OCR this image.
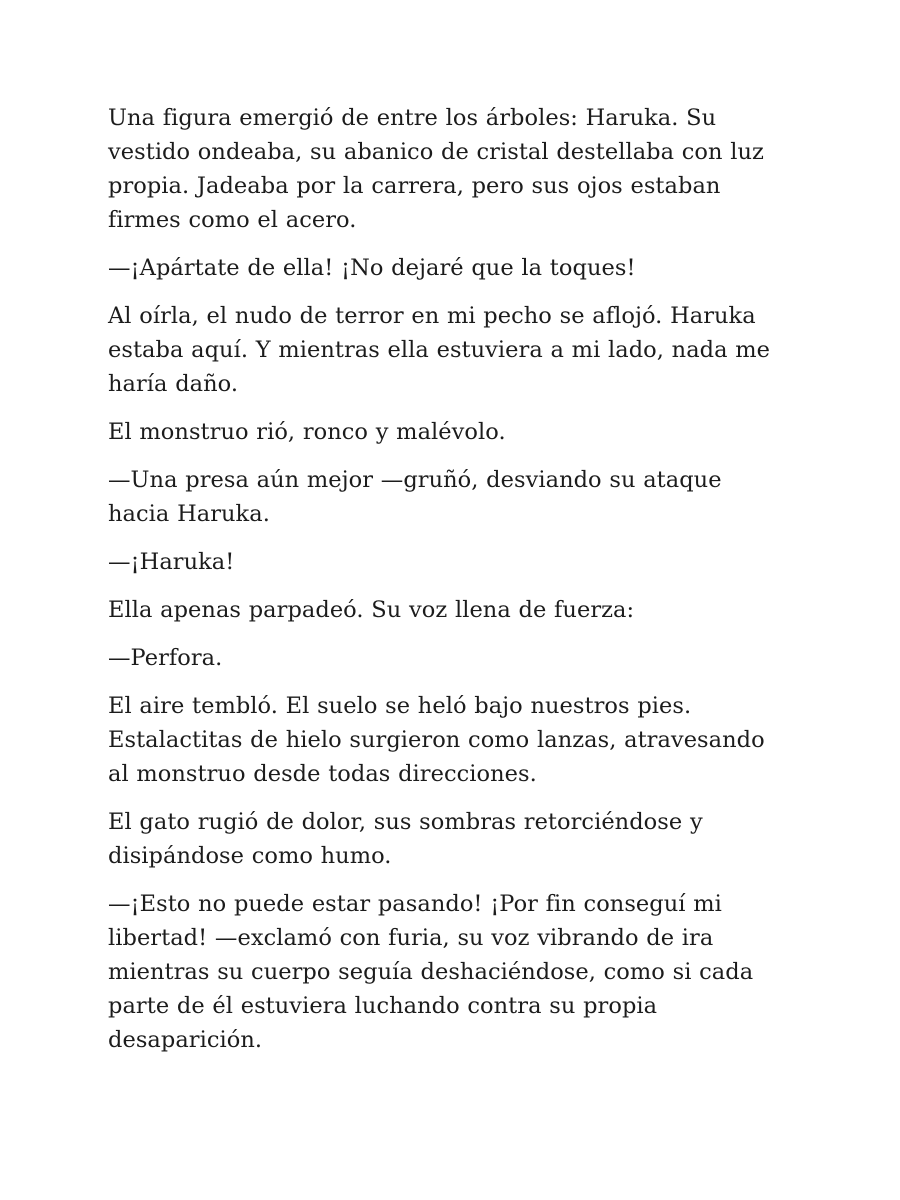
Una figura emergió de entre los árboles: Haruka. Su vestido ondeaba, su abanico de cristal destellaba con luz propia. Jadeaba por la carrera, pero sus ojos estaban firmes como el acero.

—¡Apártate de ella! ¡No dejaré que la toques!

Al oírla, el nudo de terror en mi pecho se aflojó. Haruka estaba aquí. Y mientras ella estuviera a mi lado, nada me haría daño.

El monstruo rió, ronco y malévolo.

—Una presa aún mejor —gruñó, desviando su ataque hacia Haruka.

—¡Haruka!

Ella apenas parpadeó. Su voz llena de fuerza:

—Perfora.

El aire tembló. El suelo se heló bajo nuestros pies. Estalactitas de hielo surgieron como lanzas, atravesando al monstruo desde todas direcciones.

El gato rugió de dolor, sus sombras retorciéndose y disipándose como humo.

—¡Esto no puede estar pasando! ¡Por fin conseguí mi libertad! —exclamó con furia, su voz vibrando de ira mientras su cuerpo seguía deshaciéndose, como si cada parte de él estuviera luchando contra su propia desaparición.
